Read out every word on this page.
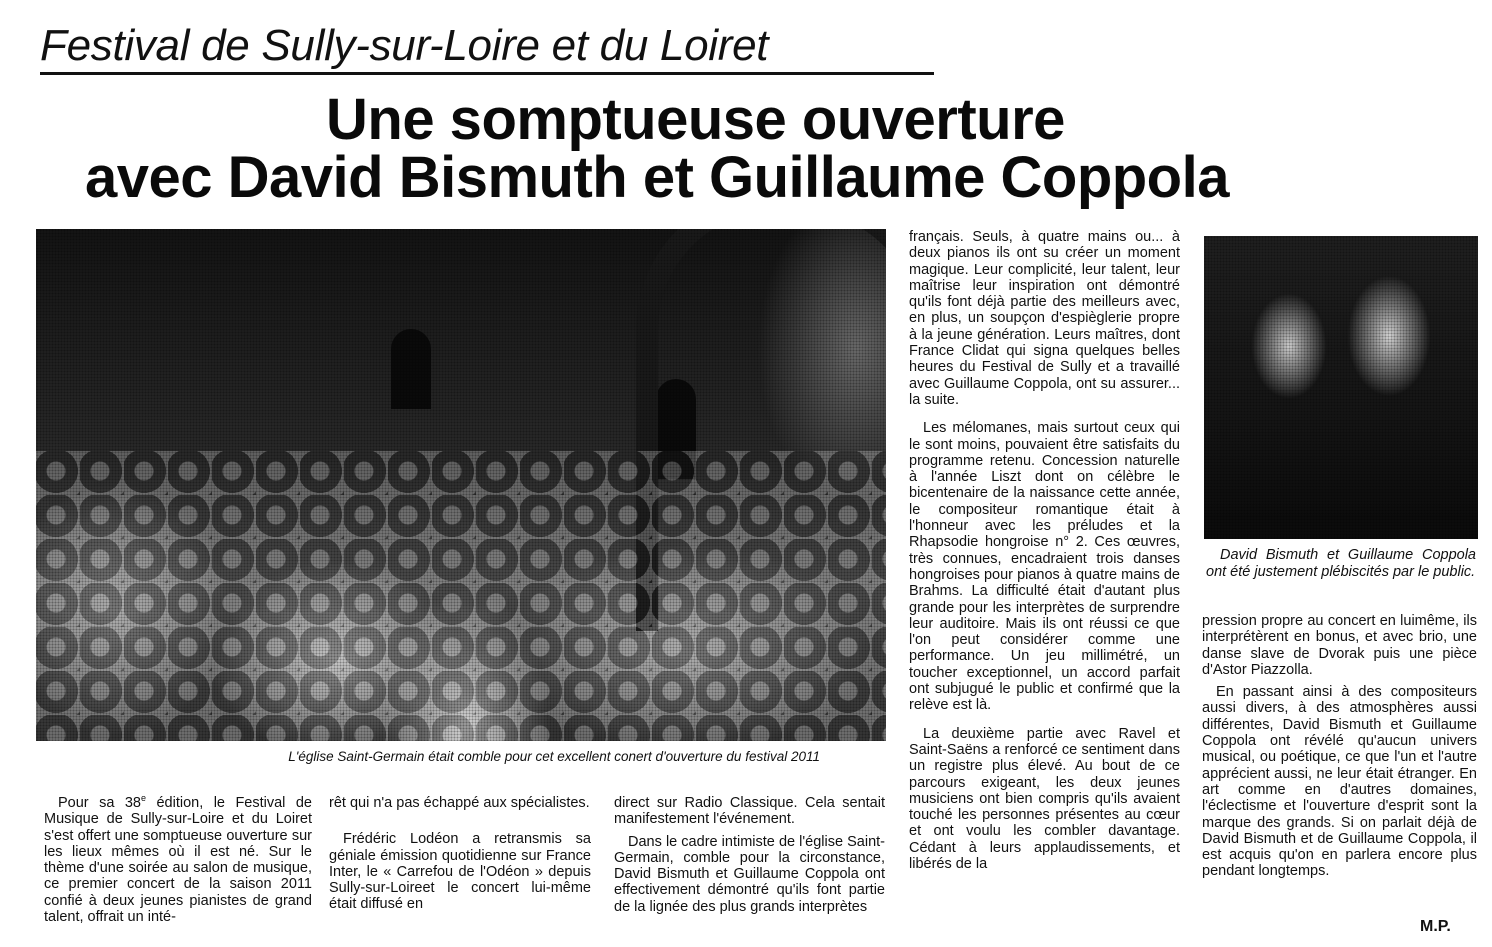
Festival de Sully-sur-Loire et du Loiret
Une somptueuse ouverture
avec David Bismuth et Guillaume Coppola
L'église Saint-Germain était comble pour cet excellent conert d'ouverture du festival 2011
David Bismuth et Guillaume Coppola ont été justement plébiscités par le public.

Pour sa 38e édition, le Festival de Musique de Sully-sur-Loire et du Loiret s'est offert une somptueuse ouverture sur les lieux mêmes où il est né. Sur le thème d'une soirée au salon de musique, ce premier concert de la saison 2011 confié à deux jeunes pianistes de grand talent, offrait un inté-

rêt qui n'a pas échappé aux spécialistes.

Frédéric Lodéon a retransmis sa géniale émission quotidienne sur France Inter, le « Carrefou de l'Odéon » depuis Sully-sur-Loireet le concert lui-même était diffusé en

direct sur Radio Classique. Cela sentait manifestement l'événement.

Dans le cadre intimiste de l'église Saint-Germain, comble pour la circonstance, David Bismuth et Guillaume Coppola ont effectivement démontré qu'ils font partie de la lignée des plus grands interprètes

français. Seuls, à quatre mains ou... à deux pianos ils ont su créer un moment magique. Leur complicité, leur talent, leur maîtrise leur inspiration ont démontré qu'ils font déjà partie des meilleurs avec, en plus, un soupçon d'espièglerie propre à la jeune génération. Leurs maîtres, dont France Clidat qui signa quelques belles heures du Festival de Sully et a travaillé avec Guillaume Coppola, ont su assurer... la suite.

Les mélomanes, mais surtout ceux qui le sont moins, pouvaient être satisfaits du programme retenu. Concession naturelle à l'année Liszt dont on célèbre le bicentenaire de la naissance cette année, le compositeur romantique était à l'honneur avec les préludes et la Rhapsodie hongroise n° 2. Ces œuvres, très connues, encadraient trois danses hongroises pour pianos à quatre mains de Brahms. La difficulté était d'autant plus grande pour les interprètes de surprendre leur auditoire. Mais ils ont réussi ce que l'on peut considérer comme une performance. Un jeu millimétré, un toucher exceptionnel, un accord parfait ont subjugué le public et confirmé que la relève est là.

La deuxième partie avec Ravel et Saint-Saëns a renforcé ce sentiment dans un registre plus élevé. Au bout de ce parcours exigeant, les deux jeunes musiciens ont bien compris qu'ils avaient touché les personnes présentes au cœur et ont voulu les combler davantage. Cédant à leurs applaudissements, et libérés de la

pression propre au concert en luimême, ils interprétèrent en bonus, et avec brio, une danse slave de Dvorak puis une pièce d'Astor Piazzolla.

En passant ainsi à des compositeurs aussi divers, à des atmosphères aussi différentes, David Bismuth et Guillaume Coppola ont révélé qu'aucun univers musical, ou poétique, ce que l'un et l'autre apprécient aussi, ne leur était étranger. En art comme en d'autres domaines, l'éclectisme et l'ouverture d'esprit sont la marque des grands. Si on parlait déjà de David Bismuth et de Guillaume Coppola, il est acquis qu'on en parlera encore plus pendant longtemps.

M.P.
